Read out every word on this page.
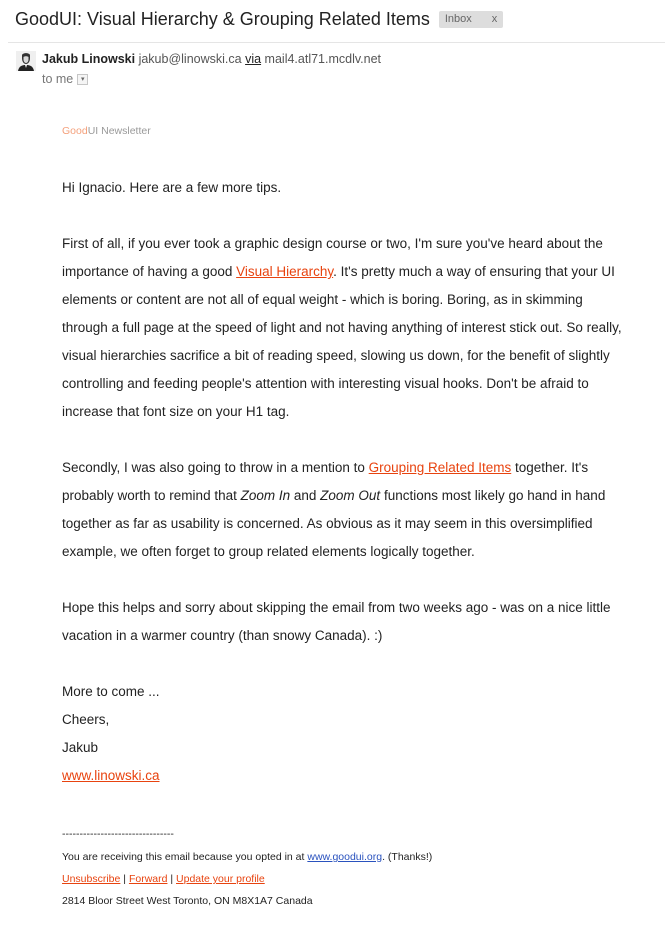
GoodUI: Visual Hierarchy & Grouping Related Items Inbox x
Jakub Linowski jakub@linowski.ca via mail4.atl71.mcdlv.net
to me ▾
GoodUI Newsletter

Hi Ignacio. Here are a few more tips.

First of all, if you ever took a graphic design course or two, I'm sure you've heard about the importance of having a good Visual Hierarchy. It's pretty much a way of ensuring that your UI elements or content are not all of equal weight - which is boring. Boring, as in skimming through a full page at the speed of light and not having anything of interest stick out. So really, visual hierarchies sacrifice a bit of reading speed, slowing us down, for the benefit of slightly controlling and feeding people's attention with interesting visual hooks. Don't be afraid to increase that font size on your H1 tag.

Secondly, I was also going to throw in a mention to Grouping Related Items together. It's probably worth to remind that Zoom In and Zoom Out functions most likely go hand in hand together as far as usability is concerned. As obvious as it may seem in this oversimplified example, we often forget to group related elements logically together.

Hope this helps and sorry about skipping the email from two weeks ago - was on a nice little vacation in a warmer country (than snowy Canada). :)

More to come ...

Cheers,

Jakub

www.linowski.ca

--------------------------------
You are receiving this email because you opted in at www.goodui.org. (Thanks!)
Unsubscribe | Forward | Update your profile
2814 Bloor Street West Toronto, ON M8X1A7 Canada
